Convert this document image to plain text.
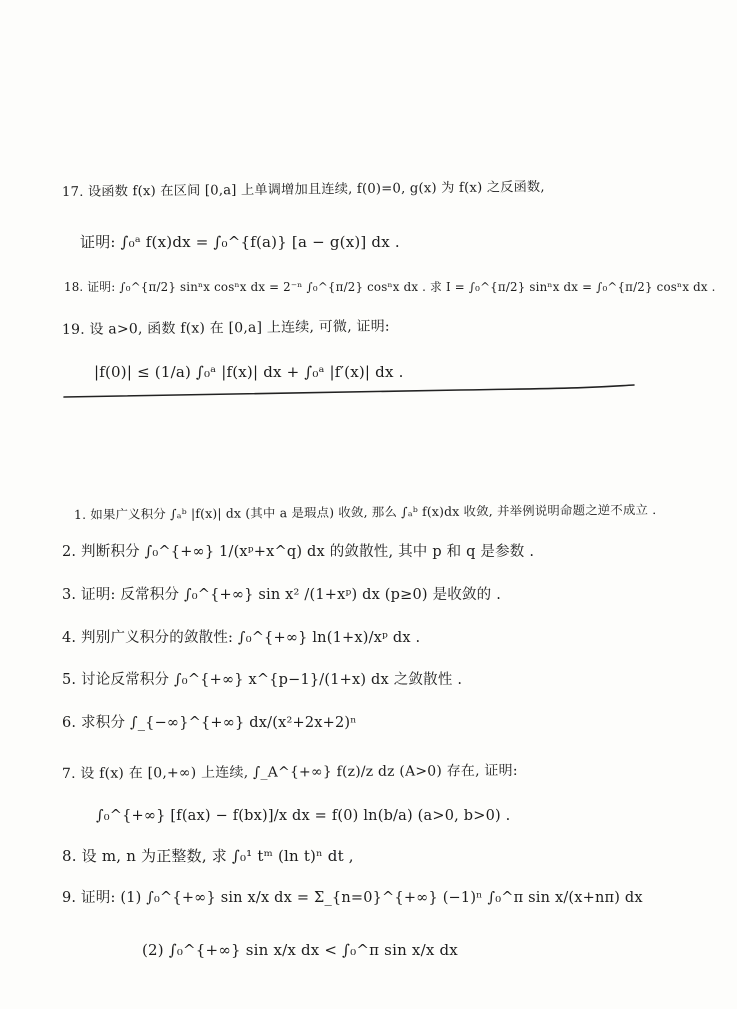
17. 设函数 f(x) 在区间 [0,a] 上单调增加且连续, f(0)=0, g(x) 为 f(x) 之反函数,
证明: ∫₀ᵃ f(x)dx = ∫₀^{f(a)} [a − g(x)] dx .
18. 证明: ∫₀^{π/2} sinⁿx cosⁿx dx = 2⁻ⁿ ∫₀^{π/2} cosⁿx dx . 求 I = ∫₀^{π/2} sinⁿx dx = ∫₀^{π/2} cosⁿx dx .
19. 设 a>0, 函数 f(x) 在 [0,a] 上连续, 可微, 证明:
|f(0)| ≤ (1/a) ∫₀ᵃ |f(x)| dx + ∫₀ᵃ |f′(x)| dx .
1. 如果广义积分 ∫ₐᵇ |f(x)| dx (其中 a 是瑕点) 收敛, 那么 ∫ₐᵇ f(x)dx 收敛, 并举例说明命题之逆不成立 .
2. 判断积分 ∫₀^{+∞} 1/(xᵖ+x^q) dx 的敛散性, 其中 p 和 q 是参数 .
3. 证明: 反常积分 ∫₀^{+∞} sin x² /(1+xᵖ) dx (p≥0) 是收敛的 .
4. 判别广义积分的敛散性: ∫₀^{+∞} ln(1+x)/xᵖ dx .
5. 讨论反常积分 ∫₀^{+∞} x^{p−1}/(1+x) dx 之敛散性 .
6. 求积分 ∫_{−∞}^{+∞} dx/(x²+2x+2)ⁿ
7. 设 f(x) 在 [0,+∞) 上连续, ∫_A^{+∞} f(z)/z dz (A>0) 存在, 证明:
∫₀^{+∞} [f(ax) − f(bx)]/x dx = f(0) ln(b/a) (a>0, b>0) .
8. 设 m, n 为正整数, 求 ∫₀¹ tᵐ (ln t)ⁿ dt ,
9. 证明: (1) ∫₀^{+∞} sin x/x dx = Σ_{n=0}^{+∞} (−1)ⁿ ∫₀^π sin x/(x+nπ) dx
(2) ∫₀^{+∞} sin x/x dx < ∫₀^π sin x/x dx
